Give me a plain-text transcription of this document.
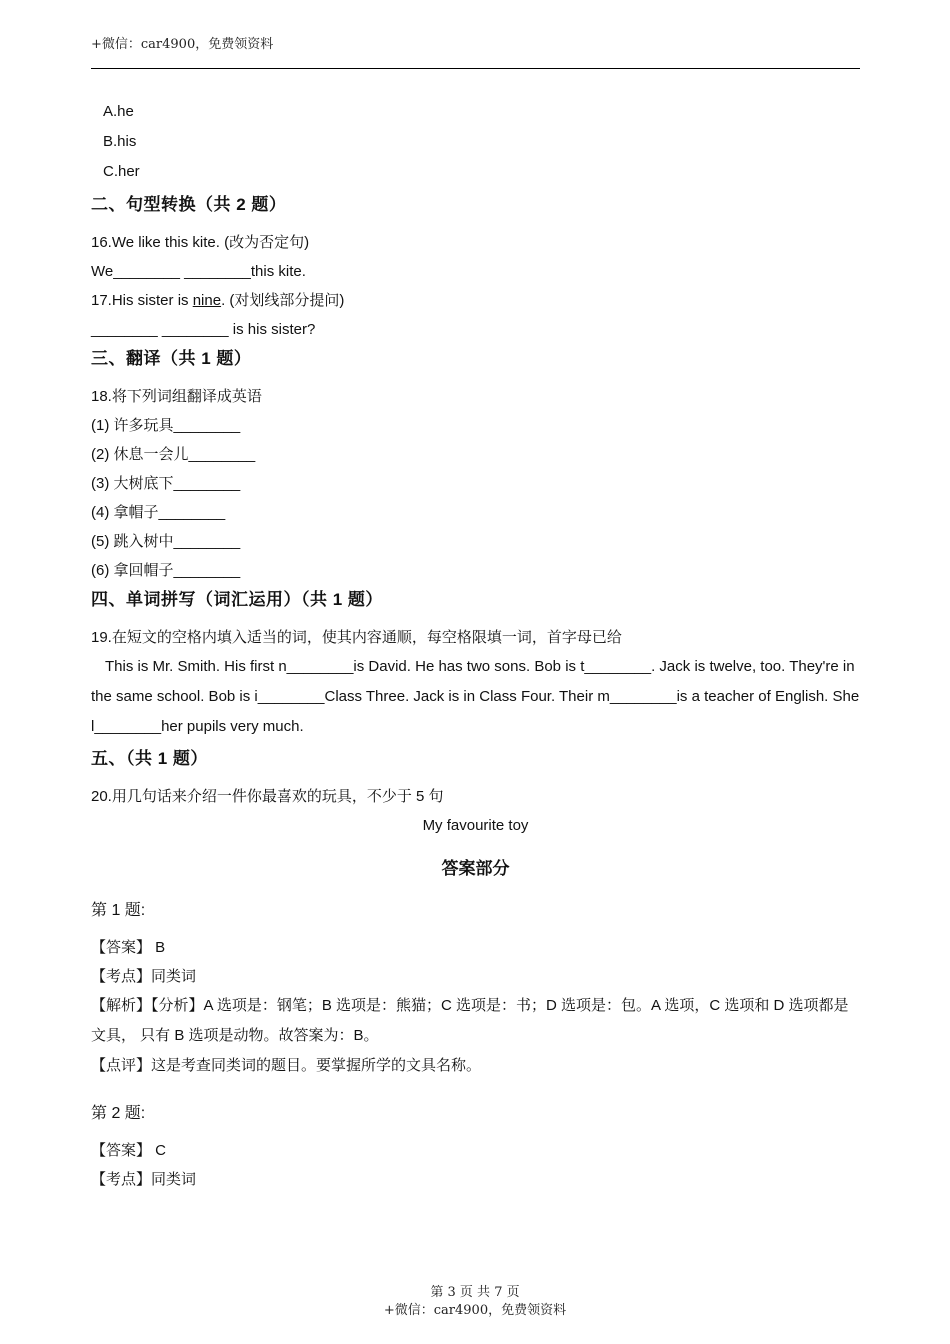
+微信：car4900，免费领资料
A.he
B.his
C.her
二、句型转换（共 2 题）
16.We like this kite. (改为否定句)
We________ ________this kite.
17.His sister is nine. (对划线部分提问)
________ ________ is his sister?
三、翻译（共 1 题）
18.将下列词组翻译成英语
(1) 许多玩具________
(2) 休息一会儿________
(3) 大树底下________
(4) 拿帽子________
(5) 跳入树中________
(6) 拿回帽子________
四、单词拼写（词汇运用）（共 1 题）
19.在短文的空格内填入适当的词，使其内容通顺，每空格限填一词，首字母已给
This is Mr. Smith. His first n________is David. He has two sons. Bob is t________. Jack is twelve, too. They're in the same school. Bob is i________Class Three. Jack is in Class Four. Their m________is a teacher of English. She l________her pupils very much.
五、（共 1 题）
20.用几句话来介绍一件你最喜欢的玩具，不少于 5 句
My favourite toy
答案部分
第 1 题:
【答案】 B
【考点】同类词
【解析】【分析】A 选项是：钢笔；B 选项是：熊猫；C 选项是：书；D 选项是：包。A 选项，C 选项和 D 选项都是文具， 只有 B 选项是动物。故答案为：B。
【点评】这是考查同类词的题目。要掌握所学的文具名称。
第 2 题:
【答案】 C
【考点】同类词
第 3 页 共 7 页
+微信：car4900，免费领资料
